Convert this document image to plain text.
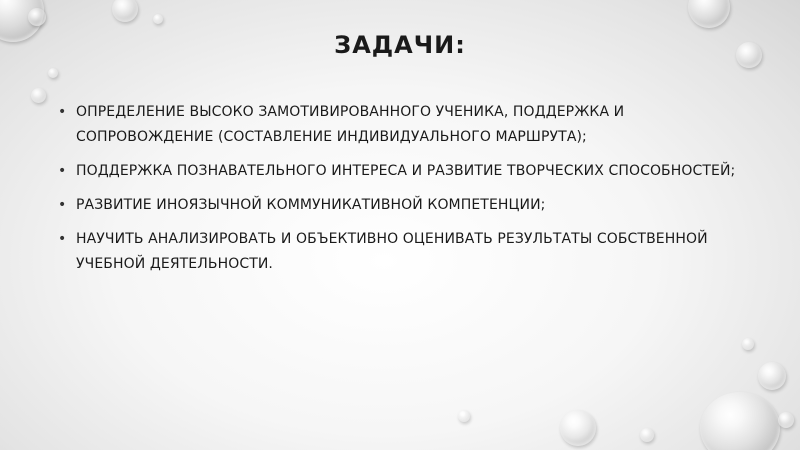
ЗАДАЧИ:
• ОПРЕДЕЛЕНИЕ ВЫСОКО ЗАМОТИВИРОВАННОГО УЧЕНИКА, ПОДДЕРЖКА И СОПРОВОЖДЕНИЕ (СОСТАВЛЕНИЕ ИНДИВИДУАЛЬНОГО МАРШРУТА);
• ПОДДЕРЖКА ПОЗНАВАТЕЛЬНОГО ИНТЕРЕСА И РАЗВИТИЕ ТВОРЧЕСКИХ СПОСОБНОСТЕЙ;
• РАЗВИТИЕ ИНОЯЗЫЧНОЙ КОММУНИКАТИВНОЙ КОМПЕТЕНЦИИ;
• НАУЧИТЬ АНАЛИЗИРОВАТЬ И ОБЪЕКТИВНО ОЦЕНИВАТЬ РЕЗУЛЬТАТЫ СОБСТВЕННОЙ УЧЕБНОЙ ДЕЯТЕЛЬНОСТИ.
